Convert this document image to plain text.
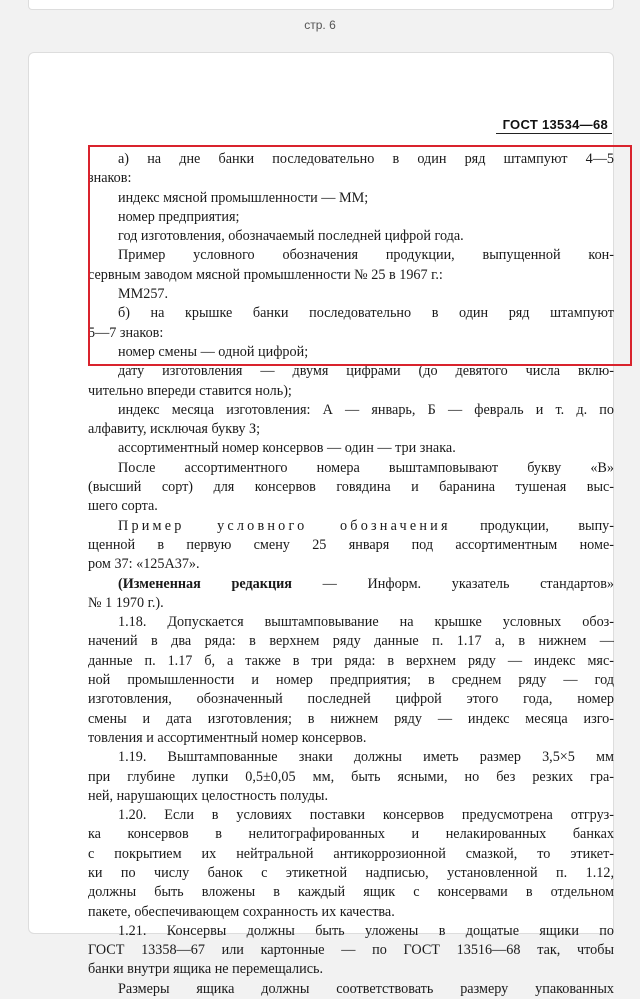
стр. 6
ГОСТ 13534—68
а) на дне банки последовательно в один ряд штампуют 4—5
знаков:
индекс мясной промышленности — ММ;
номер предприятия;
год изготовления, обозначаемый последней цифрой года.
Пример условного обозначения продукции, выпущенной кон-
сервным заводом мясной промышленности № 25 в 1967 г.:
ММ257.
б) на крышке банки последовательно в один ряд штампуют
5—7 знаков:
номер смены — одной цифрой;
дату изготовления — двумя цифрами (до девятого числа вклю-
чительно впереди ставится ноль);
индекс месяца изготовления: А — январь, Б — февраль и т. д. по
алфавиту, исключая букву З;
ассортиментный номер консервов — один — три знака.
После ассортиментного номера выштамповывают букву «В»
(высший сорт) для консервов говядина и баранина тушеная выс-
шего сорта.
Пример условного обозначения продукции, выпу-
щенной в первую смену 25 января под ассортиментным номе-
ром 37: «125А37».
(Измененная редакция — Информ. указатель стандартов»
№ 1 1970 г.).
1.18. Допускается выштамповывание на крышке условных обоз-
начений в два ряда: в верхнем ряду данные п. 1.17 а, в нижнем —
данные п. 1.17 б, а также в три ряда: в верхнем ряду — индекс мяс-
ной промышленности и номер предприятия; в среднем ряду — год
изготовления, обозначенный последней цифрой этого года, номер
смены и дата изготовления; в нижнем ряду — индекс месяца изго-
товления и ассортиментный номер консервов.
1.19. Выштампованные знаки должны иметь размер 3,5×5 мм
при глубине лупки 0,5±0,05 мм, быть ясными, но без резких гра-
ней, нарушающих целостность полуды.
1.20. Если в условиях поставки консервов предусмотрена отгруз-
ка консервов в нелитографированных и нелакированных банках
с покрытием их нейтральной антикоррозионной смазкой, то этикет-
ки по числу банок с этикетной надписью, установленной п. 1.12,
должны быть вложены в каждый ящик с консервами в отдельном
пакете, обеспечивающем сохранность их качества.
1.21. Консервы должны быть уложены в дощатые ящики по
ГОСТ 13358—67 или картонные — по ГОСТ 13516—68 так, чтобы
банки внутри ящика не перемещались.
Размеры ящика должны соответствовать размеру упакованных
